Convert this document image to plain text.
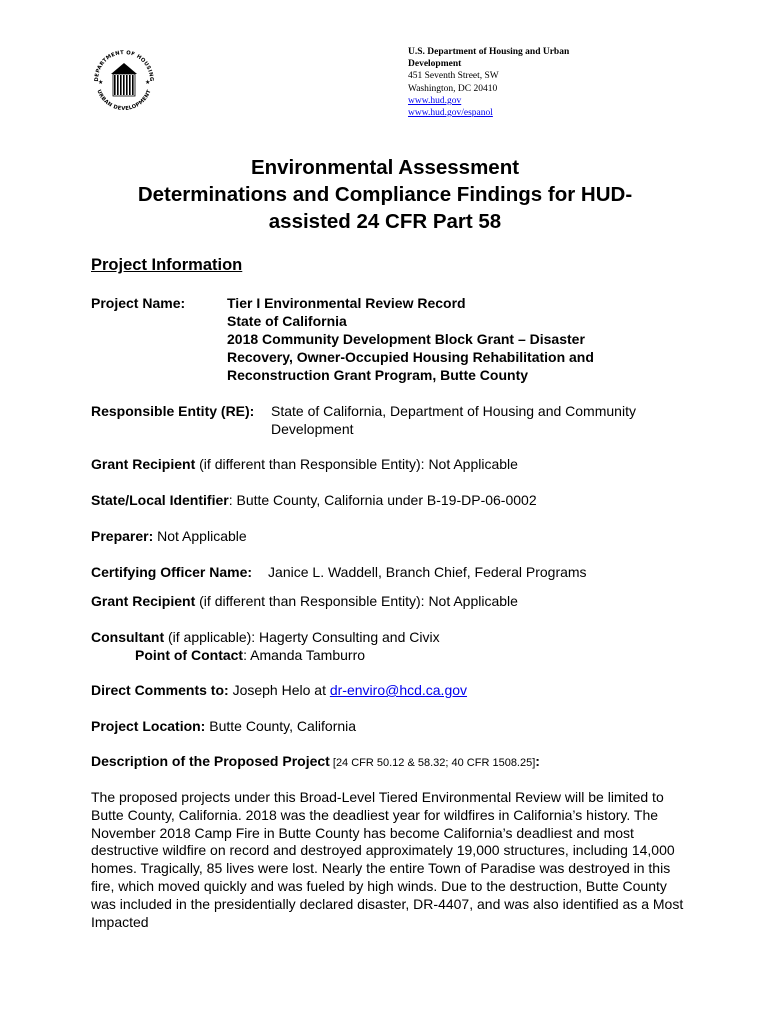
DEPARTMENT OF HOUSING
URBAN DEVELOPMENT
★	★
U.S. Department of Housing and Urban
Development
451 Seventh Street, SW
Washington, DC 20410
www.hud.gov
www.hud.gov/espanol
Environmental Assessment
Determinations and Compliance Findings for HUD-
assisted 24 CFR Part 58
Project Information
Project Name:	Tier I Environmental Review Record
State of California
2018 Community Development Block Grant – Disaster
Recovery, Owner-Occupied Housing Rehabilitation and
Reconstruction Grant Program, Butte County
Responsible Entity (RE): State of California, Department of Housing and Community
Development
Grant Recipient (if different than Responsible Entity): Not Applicable
State/Local Identifier: Butte County, California under B-19-DP-06-0002
Preparer: Not Applicable
Certifying Officer Name: Janice L. Waddell, Branch Chief, Federal Programs
Grant Recipient (if different than Responsible Entity): Not Applicable
Consultant (if applicable): Hagerty Consulting and Civix
Point of Contact: Amanda Tamburro
Direct Comments to: Joseph Helo at dr-enviro@hcd.ca.gov
Project Location: Butte County, California
Description of the Proposed Project [24 CFR 50.12 & 58.32; 40 CFR 1508.25]:
The proposed projects under this Broad-Level Tiered Environmental Review will be limited to Butte County, California. 2018 was the deadliest year for wildfires in California’s history. The November 2018 Camp Fire in Butte County has become California’s deadliest and most destructive wildfire on record and destroyed approximately 19,000 structures, including 14,000 homes. Tragically, 85 lives were lost. Nearly the entire Town of Paradise was destroyed in this fire, which moved quickly and was fueled by high winds. Due to the destruction, Butte County was included in the presidentially declared disaster, DR-4407, and was also identified as a Most Impacted
